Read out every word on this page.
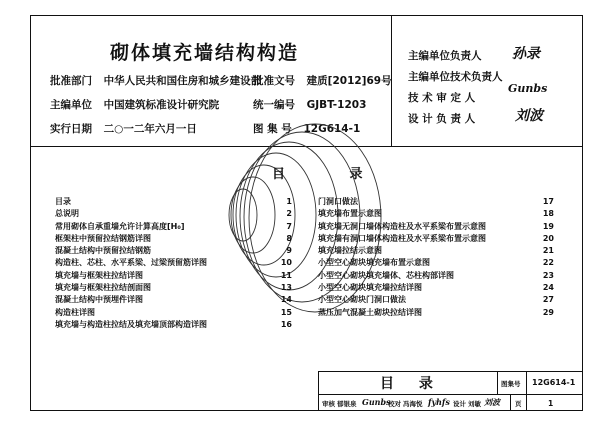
砌体填充墙结构构造
批准部门 中华人民共和国住房和城乡建设部
批准文号 建质[2012]69号
主编单位 中国建筑标准设计研究院	统一编号 GJBT-1203
实行日期 二○一二年六月一日	图 集 号 12G614-1
主编单位负责人
主编单位技术负责人
技 术 审 定 人
设 计 负 责 人
孙录
Gunbs
刘波
目 录
目录	1
总说明	2
常用砌体自承重墙允许计算高度[H₀]	7
框架柱中预留拉结钢筋详图	8
混凝土结构中预留拉结钢筋	9
构造柱、芯柱、水平系梁、过梁预留筋详图	10
填充墙与框架柱拉结详图	11
填充墙与框架柱拉结剖面图	13
混凝土结构中预埋件详图	14
构造柱详图	15
填充墙与构造柱拉结及填充墙顶部构造详图	16
门洞口做法	17
填充墙布置示意图	18
填充墙无洞口墙体构造柱及水平系梁布置示意图	19
填充墙有洞口墙体构造柱及水平系梁布置示意图	20
填充墙拉结示意图	21
小型空心砌块填充墙布置示意图	22
小型空心砌块填充墙体、芯柱构部详图	23
小型空心砌块填充墙拉结详图	24
小型空心砌块门洞口做法	27
蒸压加气混凝土砌块拉结详图	29
目 录	图集号 12G614-1
审核 郁银泉 Gunbs
校对 冯海悦 fyhfs 设计 刘敏 刘波 页	1
